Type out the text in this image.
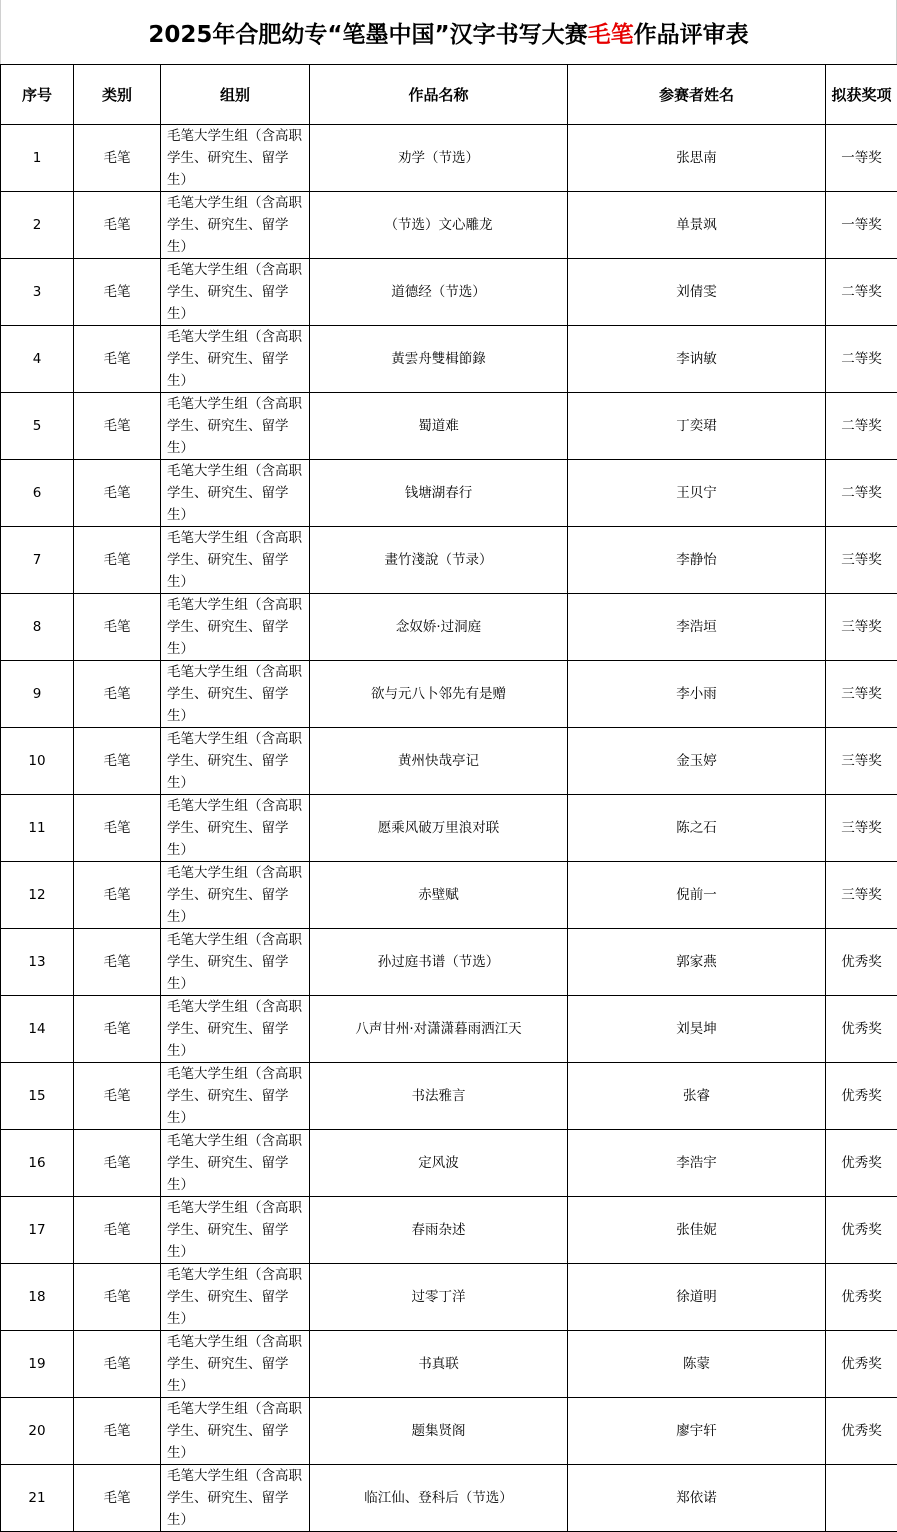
2025年合肥幼专“笔墨中国”汉字书写大赛 毛笔 作品评审表
序号	类别	组别	作品名称	参赛者姓名	拟获奖项
1	毛笔	毛笔大学生组（含高职学生、研究生、留学生）	劝学（节选）	张思南	一等奖
2	毛笔	毛笔大学生组（含高职学生、研究生、留学生）	（节选）文心雕龙	单景飒	一等奖
3	毛笔	毛笔大学生组（含高职学生、研究生、留学生）	道德经（节选）	刘倩雯	二等奖
4	毛笔	毛笔大学生组（含高职学生、研究生、留学生）	黃雲舟雙楫節錄	李讷敏	二等奖
5	毛笔	毛笔大学生组（含高职学生、研究生、留学生）	蜀道难	丁奕珺	二等奖
6	毛笔	毛笔大学生组（含高职学生、研究生、留学生）	钱塘湖春行	王贝宁	二等奖
7	毛笔	毛笔大学生组（含高职学生、研究生、留学生）	畫竹淺說（节录）	李静怡	三等奖
8	毛笔	毛笔大学生组（含高职学生、研究生、留学生）	念奴娇·过洞庭	李浩垣	三等奖
9	毛笔	毛笔大学生组（含高职学生、研究生、留学生）	欲与元八卜邻先有是赠	李小雨	三等奖
10	毛笔	毛笔大学生组（含高职学生、研究生、留学生）	黄州快哉亭记	金玉婷	三等奖
11	毛笔	毛笔大学生组（含高职学生、研究生、留学生）	愿乘风破万里浪对联	陈之石	三等奖
12	毛笔	毛笔大学生组（含高职学生、研究生、留学生）	赤壁赋	倪前一	三等奖
13	毛笔	毛笔大学生组（含高职学生、研究生、留学生）	孙过庭书谱（节选）	郭家燕	优秀奖
14	毛笔	毛笔大学生组（含高职学生、研究生、留学生）	八声甘州·对潇潇暮雨洒江天	刘昊坤	优秀奖
15	毛笔	毛笔大学生组（含高职学生、研究生、留学生）	书法雅言	张睿	优秀奖
16	毛笔	毛笔大学生组（含高职学生、研究生、留学生）	定风波	李浩宇	优秀奖
17	毛笔	毛笔大学生组（含高职学生、研究生、留学生）	春雨杂述	张佳妮	优秀奖
18	毛笔	毛笔大学生组（含高职学生、研究生、留学生）	过零丁洋	徐道明	优秀奖
19	毛笔	毛笔大学生组（含高职学生、研究生、留学生）	书真联	陈蒙	优秀奖
20	毛笔	毛笔大学生组（含高职学生、研究生、留学生）	题集贤阁	廖宇轩	优秀奖
21	毛笔	毛笔大学生组（含高职学生、研究生、留学生）	临江仙、登科后（节选）	郑依诺	
